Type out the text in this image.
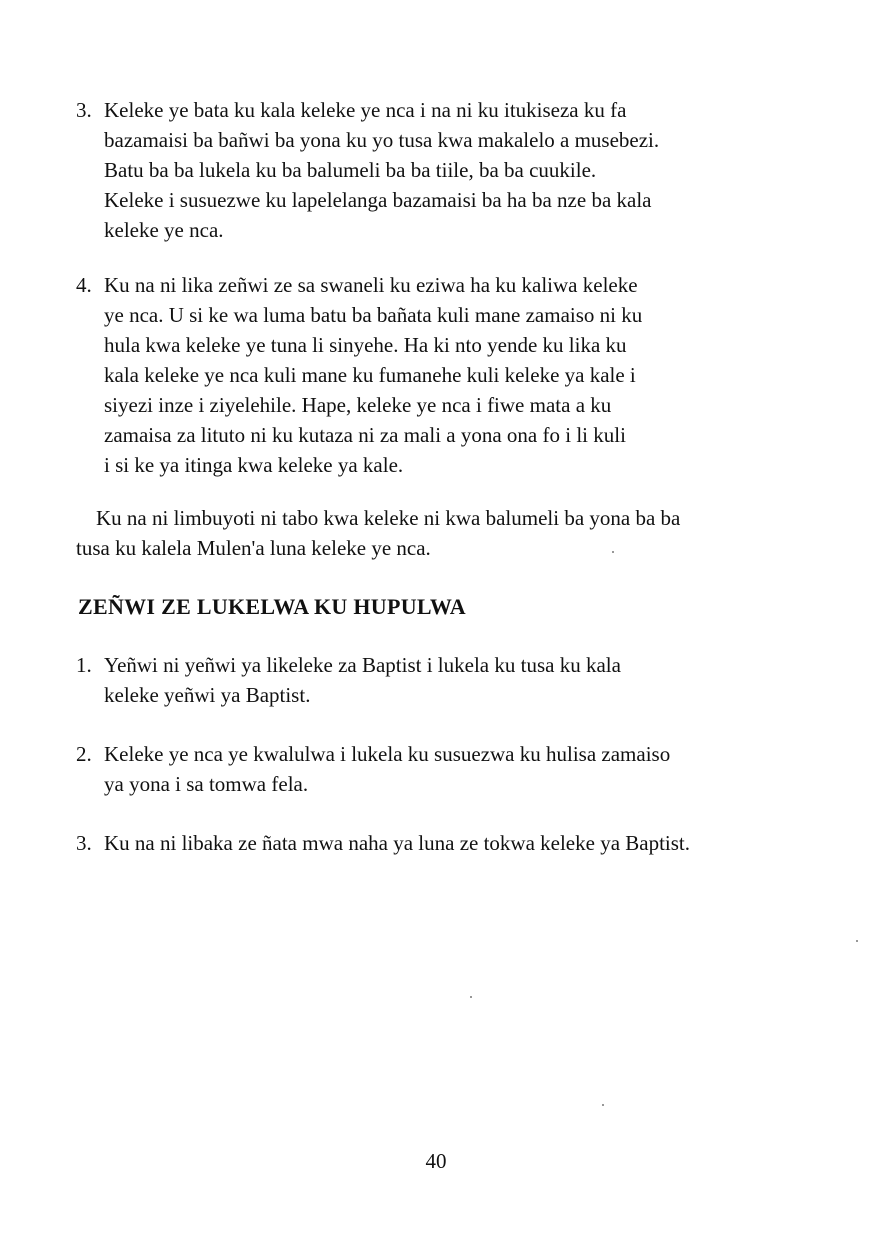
3. Keleke ye bata ku kala keleke ye nca i na ni ku itukiseza ku fa
bazamaisi ba bañwi ba yona ku yo tusa kwa makalelo a musebezi.
Batu ba ba lukela ku ba balumeli ba ba tiile, ba ba cuukile.
Keleke i susuezwe ku lapelelanga bazamaisi ba ha ba nze ba kala
keleke ye nca.
4. Ku na ni lika zeñwi ze sa swaneli ku eziwa ha ku kaliwa keleke
ye nca. U si ke wa luma batu ba bañata kuli mane zamaiso ni ku
hula kwa keleke ye tuna li sinyehe. Ha ki nto yende ku lika ku
kala keleke ye nca kuli mane ku fumanehe kuli keleke ya kale i
siyezi inze i ziyelehile. Hape, keleke ye nca i fiwe mata a ku
zamaisa za lituto ni ku kutaza ni za mali a yona ona fo i li kuli
i si ke ya itinga kwa keleke ya kale.
Ku na ni limbuyoti ni tabo kwa keleke ni kwa balumeli ba yona ba ba
tusa ku kalela Mulen'a luna keleke ye nca.
ZEÑWI ZE LUKELWA KU HUPULWA
1. Yeñwi ni yeñwi ya likeleke za Baptist i lukela ku tusa ku kala
keleke yeñwi ya Baptist.
2. Keleke ye nca ye kwalulwa i lukela ku susuezwa ku hulisa zamaiso
ya yona i sa tomwa fela.
3. Ku na ni libaka ze ñata mwa naha ya luna ze tokwa keleke ya Baptist.
40
